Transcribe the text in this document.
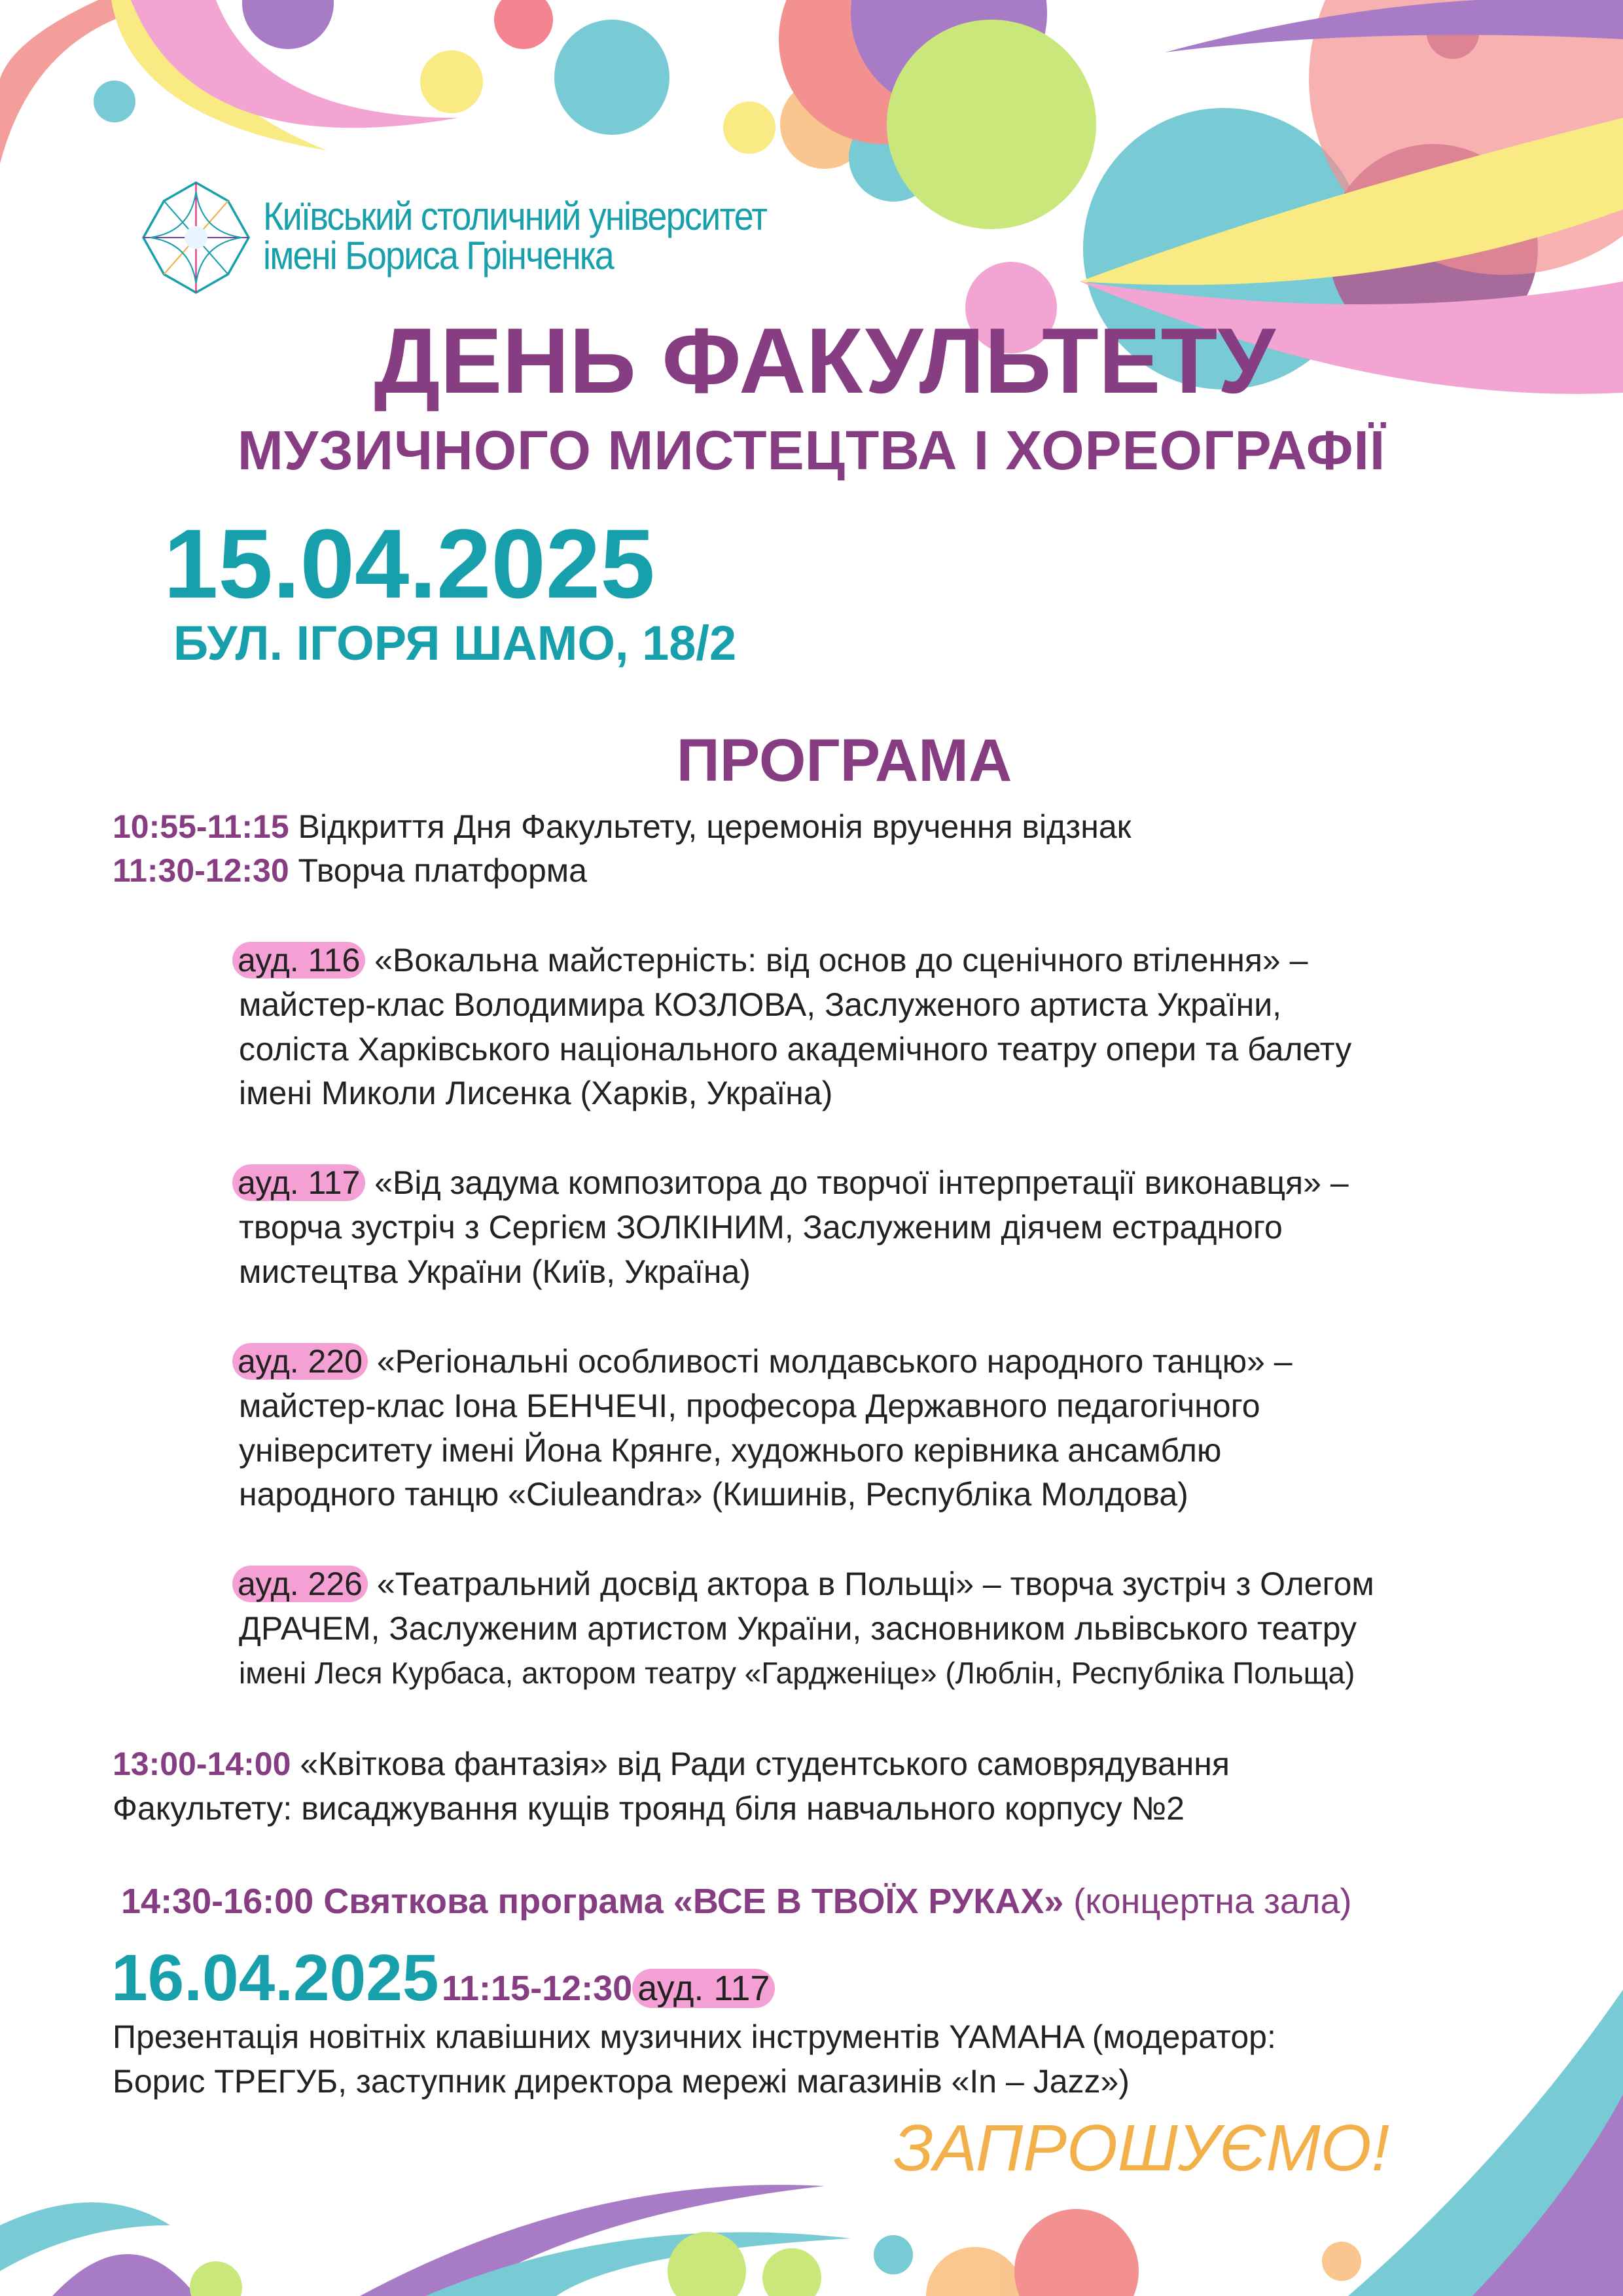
Київський столичний університет
імені Бориса Грінченка
ДЕНЬ ФАКУЛЬТЕТУ
МУЗИЧНОГО МИСТЕЦТВА І ХОРЕОГРАФІЇ
15.04.2025
БУЛ. ІГОРЯ ШАМО, 18/2
ПРОГРАМА
10:55-11:15 Відкриття Дня Факультету, церемонія вручення відзнак
11:30-12:30 Творча платформа
ауд. 116 «Вокальна майстерність: від основ до сценічного втілення» –
майстер-клас Володимира КОЗЛОВА, Заслуженого артиста України,
соліста Харківського національного академічного театру опери та балету
імені Миколи Лисенка (Харків, Україна)
ауд. 117 «Від задума композитора до творчої інтерпретації виконавця» –
творча зустріч з Сергієм ЗОЛКІНИМ, Заслуженим діячем естрадного
мистецтва України (Київ, Україна)
ауд. 220 «Регіональні особливості молдавського народного танцю» –
майстер-клас Іона БЕНЧЕЧІ, професора Державного педагогічного
університету імені Йона Крянге, художнього керівника ансамблю
народного танцю «Ciuleandra» (Кишинів, Республіка Молдова)
ауд. 226 «Театральний досвід актора в Польщі» – творча зустріч з Олегом
ДРАЧЕМ, Заслуженим артистом України, засновником львівського театру
імені Леся Курбаса, актором театру «Гардженіце» (Люблін, Республіка Польща)
13:00-14:00 «Квіткова фантазія» від Ради студентського самоврядування
Факультету: висаджування кущів троянд біля навчального корпусу №2
14:30-16:00 Святкова програма «ВСЕ В ТВОЇХ РУКАХ» (концертна зала)
16.04.2025 11:15-12:30 ауд. 117
Презентація новітніх клавішних музичних інструментів YAMAHA (модератор:
Борис ТРЕГУБ, заступник директора мережі магазинів «In – Jazz»)
ЗАПРОШУЄМО!
